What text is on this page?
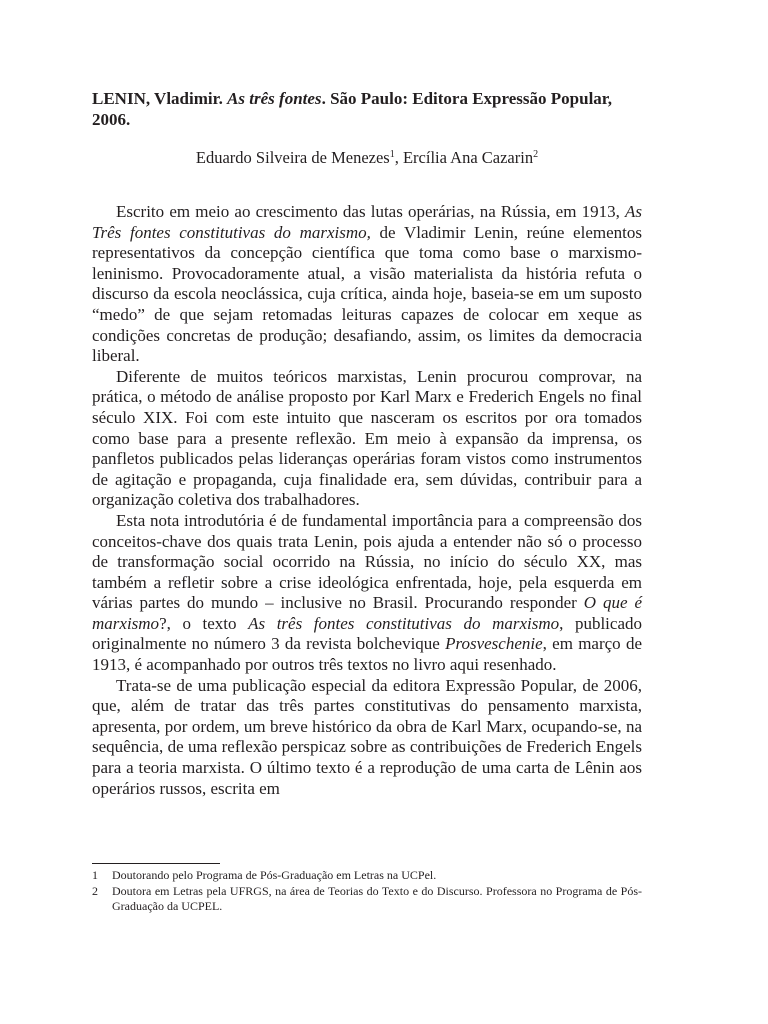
LENIN, Vladimir. As três fontes. São Paulo: Editora Expressão Popular, 2006.

Eduardo Silveira de Menezes$^1$, Ercília Ana Cazarin$^2$

Escrito em meio ao crescimento das lutas operárias, na Rússia, em 1913, As Três fontes constitutivas do marxismo, de Vladimir Lenin, reúne elementos representativos da concepção científica que toma como base o marxismo-leninismo. Provocadoramente atual, a visão materialista da história refuta o discurso da escola neoclássica, cuja crítica, ainda hoje, baseia-se em um suposto “medo” de que sejam retomadas leituras capazes de colocar em xeque as condições concretas de produção; desafiando, assim, os limites da democracia liberal.

Diferente de muitos teóricos marxistas, Lenin procurou comprovar, na prática, o método de análise proposto por Karl Marx e Frederich Engels no final século XIX. Foi com este intuito que nasceram os escritos por ora tomados como base para a presente reflexão. Em meio à expansão da imprensa, os panfletos publicados pelas lideranças operárias foram vistos como instrumentos de agitação e propaganda, cuja finalidade era, sem dúvidas, contribuir para a organização coletiva dos trabalhadores.

Esta nota introdutória é de fundamental importância para a compreensão dos conceitos-chave dos quais trata Lenin, pois ajuda a entender não só o processo de transformação social ocorrido na Rússia, no início do século XX, mas também a refletir sobre a crise ideológica enfrentada, hoje, pela esquerda em várias partes do mundo – inclusive no Brasil. Procurando responder O que é marxismo?, o texto As três fontes constitutivas do marxismo, publicado originalmente no número 3 da revista bolchevique Prosveschenie, em março de 1913, é acompanhado por outros três textos no livro aqui resenhado.

Trata-se de uma publicação especial da editora Expressão Popular, de 2006, que, além de tratar das três partes constitutivas do pensamento marxista, apresenta, por ordem, um breve histórico da obra de Karl Marx, ocupando-se, na sequência, de uma reflexão perspicaz sobre as contribuições de Frederich Engels para a teoria marxista. O último texto é a reprodução de uma carta de Lênin aos operários russos, escrita em

1	Doutorando pelo Programa de Pós-Graduação em Letras na UCPel.
2	Doutora em Letras pela UFRGS, na área de Teorias do Texto e do Discurso. Professora no Programa de Pós-Graduação da UCPEL.
